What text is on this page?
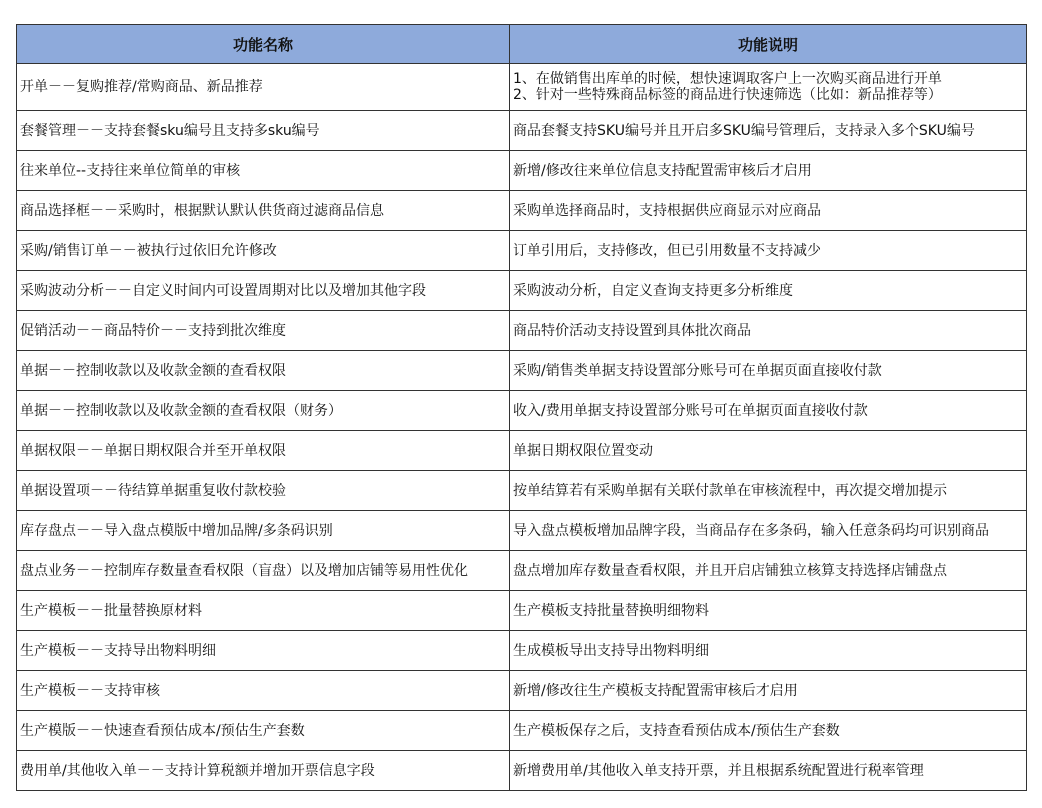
功能名称	功能说明
开单－－复购推荐/常购商品、新品推荐	1、在做销售出库单的时候，想快速调取客户上一次购买商品进行开单
2、针对一些特殊商品标签的商品进行快速筛选（比如：新品推荐等）

套餐管理－－支持套餐sku编号且支持多sku编号	商品套餐支持SKU编号并且开启多SKU编号管理后，支持录入多个SKU编号
往来单位--支持往来单位简单的审核	新增/修改往来单位信息支持配置需审核后才启用
商品选择框－－采购时，根据默认默认供货商过滤商品信息	采购单选择商品时，支持根据供应商显示对应商品
采购/销售订单－－被执行过依旧允许修改	订单引用后，支持修改，但已引用数量不支持减少
采购波动分析－－自定义时间内可设置周期对比以及增加其他字段	采购波动分析，自定义查询支持更多分析维度
促销活动－－商品特价－－支持到批次维度	商品特价活动支持设置到具体批次商品
单据－－控制收款以及收款金额的查看权限	采购/销售类单据支持设置部分账号可在单据页面直接收付款
单据－－控制收款以及收款金额的查看权限（财务）	收入/费用单据支持设置部分账号可在单据页面直接收付款
单据权限－－单据日期权限合并至开单权限	单据日期权限位置变动
单据设置项－－待结算单据重复收付款校验	按单结算若有采购单据有关联付款单在审核流程中，再次提交增加提示
库存盘点－－导入盘点模版中增加品牌/多条码识别	导入盘点模板增加品牌字段，当商品存在多条码，输入任意条码均可识别商品
盘点业务－－控制库存数量查看权限（盲盘）以及增加店铺等易用性优化	盘点增加库存数量查看权限，并且开启店铺独立核算支持选择店铺盘点
生产模板－－批量替换原材料	生产模板支持批量替换明细物料
生产模板－－支持导出物料明细	生成模板导出支持导出物料明细
生产模板－－支持审核	新增/修改往生产模板支持配置需审核后才启用
生产模版－－快速查看预估成本/预估生产套数	生产模板保存之后，支持查看预估成本/预估生产套数
费用单/其他收入单－－支持计算税额并增加开票信息字段	新增费用单/其他收入单支持开票，并且根据系统配置进行税率管理
